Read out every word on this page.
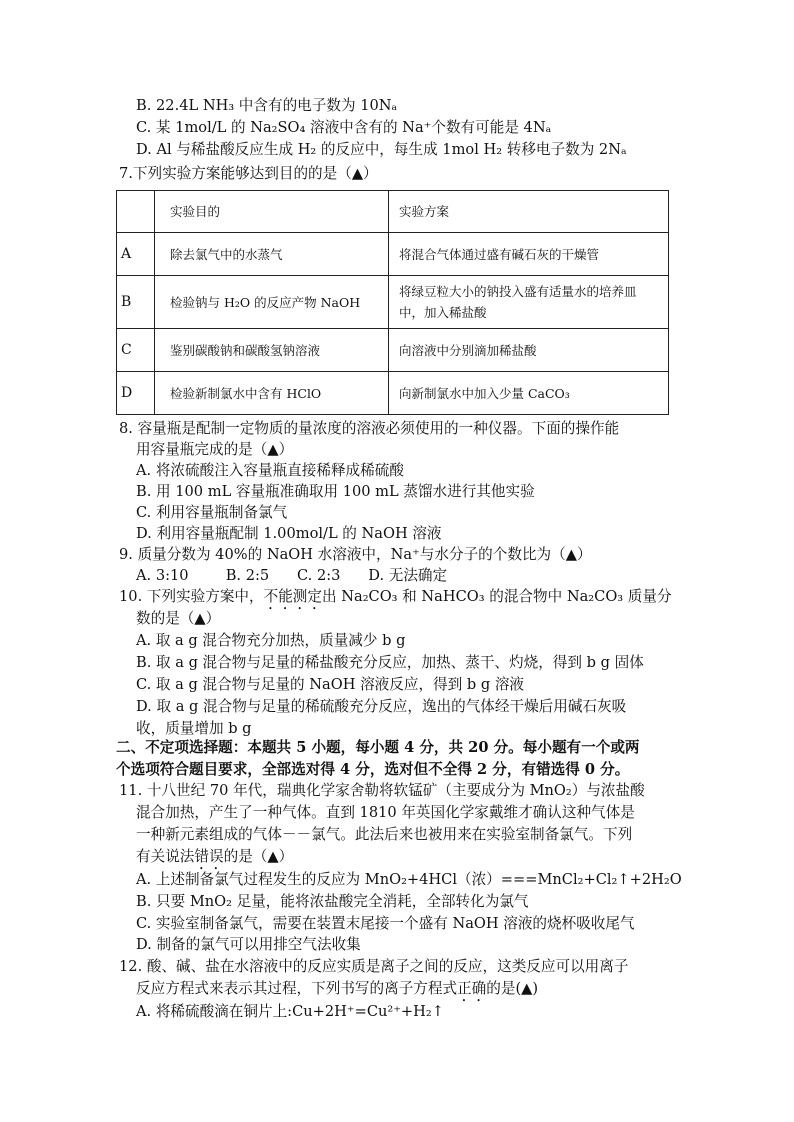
B. 22.4L NH₃ 中含有的电子数为 10Nₐ
C. 某 1mol/L 的 Na₂SO₄ 溶液中含有的 Na⁺个数有可能是 4Nₐ
D. Al 与稀盐酸反应生成 H₂ 的反应中，每生成 1mol H₂ 转移电子数为 2Nₐ
7.下列实验方案能够达到目的的是（▲）
	实验目的	实验方案
A	除去氯气中的水蒸气	将混合气体通过盛有碱石灰的干燥管
B	检验钠与 H₂O 的反应产物 NaOH	将绿豆粒大小的钠投入盛有适量水的培养皿
中，加入稀盐酸

C	鉴别碳酸钠和碳酸氢钠溶液	向溶液中分别滴加稀盐酸
D	检验新制氯水中含有 HClO	向新制氯水中加入少量 CaCO₃
8. 容量瓶是配制一定物质的量浓度的溶液必须使用的一种仪器。下面的操作能
用容量瓶完成的是（▲）
A. 将浓硫酸注入容量瓶直接稀释成稀硫酸
B. 用 100 mL 容量瓶准确取用 100 mL 蒸馏水进行其他实验
C. 利用容量瓶制备氯气
D. 利用容量瓶配制 1.00mol/L 的 NaOH 溶液
9. 质量分数为 40%的 NaOH 水溶液中，Na⁺与水分子的个数比为（▲）
A. 3:10        B. 2:5      C. 2:3      D. 无法确定
10. 下列实验方案中，不能测定出 Na₂CO₃ 和 NaHCO₃ 的混合物中 Na₂CO₃ 质量分
数的是（▲）
A. 取 a g 混合物充分加热，质量减少 b g
B. 取 a g 混合物与足量的稀盐酸充分反应，加热、蒸干、灼烧，得到 b g 固体
C. 取 a g 混合物与足量的 NaOH 溶液反应，得到 b g 溶液
D. 取 a g 混合物与足量的稀硫酸充分反应，逸出的气体经干燥后用碱石灰吸
收，质量增加 b g
二、不定项选择题：本题共 5 小题，每小题 4 分，共 20 分。每小题有一个或两
个选项符合题目要求，全部选对得 4 分，选对但不全得 2 分，有错选得 0 分。
11. 十八世纪 70 年代，瑞典化学家舍勒将软锰矿（主要成分为 MnO₂）与浓盐酸
混合加热，产生了一种气体。直到 1810 年英国化学家戴维才确认这种气体是
一种新元素组成的气体－－氯气。此法后来也被用来在实验室制备氯气。下列
有关说法错误的是（▲）
A. 上述制备氯气过程发生的反应为 MnO₂+4HCl（浓）===MnCl₂+Cl₂↑+2H₂O
B. 只要 MnO₂ 足量，能将浓盐酸完全消耗，全部转化为氯气
C. 实验室制备氯气，需要在装置末尾接一个盛有 NaOH 溶液的烧杯吸收尾气
D. 制备的氯气可以用排空气法收集
12. 酸、碱、盐在水溶液中的反应实质是离子之间的反应，这类反应可以用离子
反应方程式来表示其过程，下列书写的离子方程式正确的是(▲)
A. 将稀硫酸滴在铜片上:Cu+2H⁺=Cu²⁺+H₂↑
